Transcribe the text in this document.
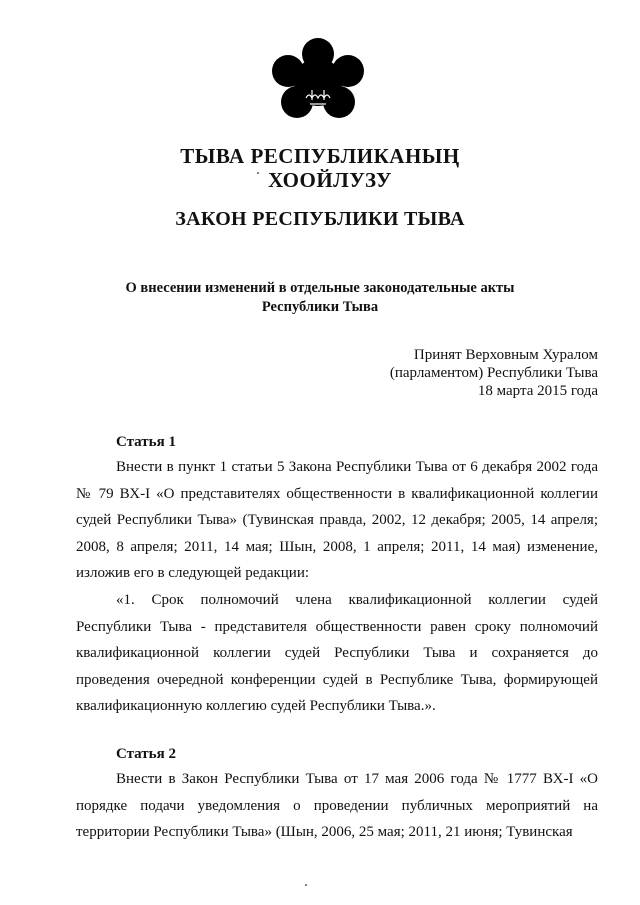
ТЫВА РЕСПУБЛИКАНЫҢ
ХООЙЛУЗУ
ЗАКОН РЕСПУБЛИКИ ТЫВА
О внесении изменений в отдельные законодательные акты
Республики Тыва
Принят Верховным Хуралом
(парламентом) Республики Тыва
18 марта 2015 года
Статья 1

Внести в пункт 1 статьи 5 Закона Республики Тыва от 6 декабря 2002 года № 79 ВХ-I «О представителях общественности в квалификационной коллегии судей Республики Тыва» (Тувинская правда, 2002, 12 декабря; 2005, 14 апреля; 2008, 8 апреля; 2011, 14 мая; Шын, 2008, 1 апреля; 2011, 14 мая) изменение, изложив его в следующей редакции:

«1. Срок полномочий члена квалификационной коллегии судей Республики Тыва - представителя общественности равен сроку полномочий квалификационной коллегии судей Республики Тыва и сохраняется до проведения очередной конференции судей в Республике Тыва, формирующей квалификационную коллегию судей Республики Тыва.».

Статья 2

Внести в Закон Республики Тыва от 17 мая 2006 года № 1777 ВХ-I «О порядке подачи уведомления о проведении публичных мероприятий на территории Республики Тыва» (Шын, 2006, 25 мая; 2011, 21 июня; Тувинская
